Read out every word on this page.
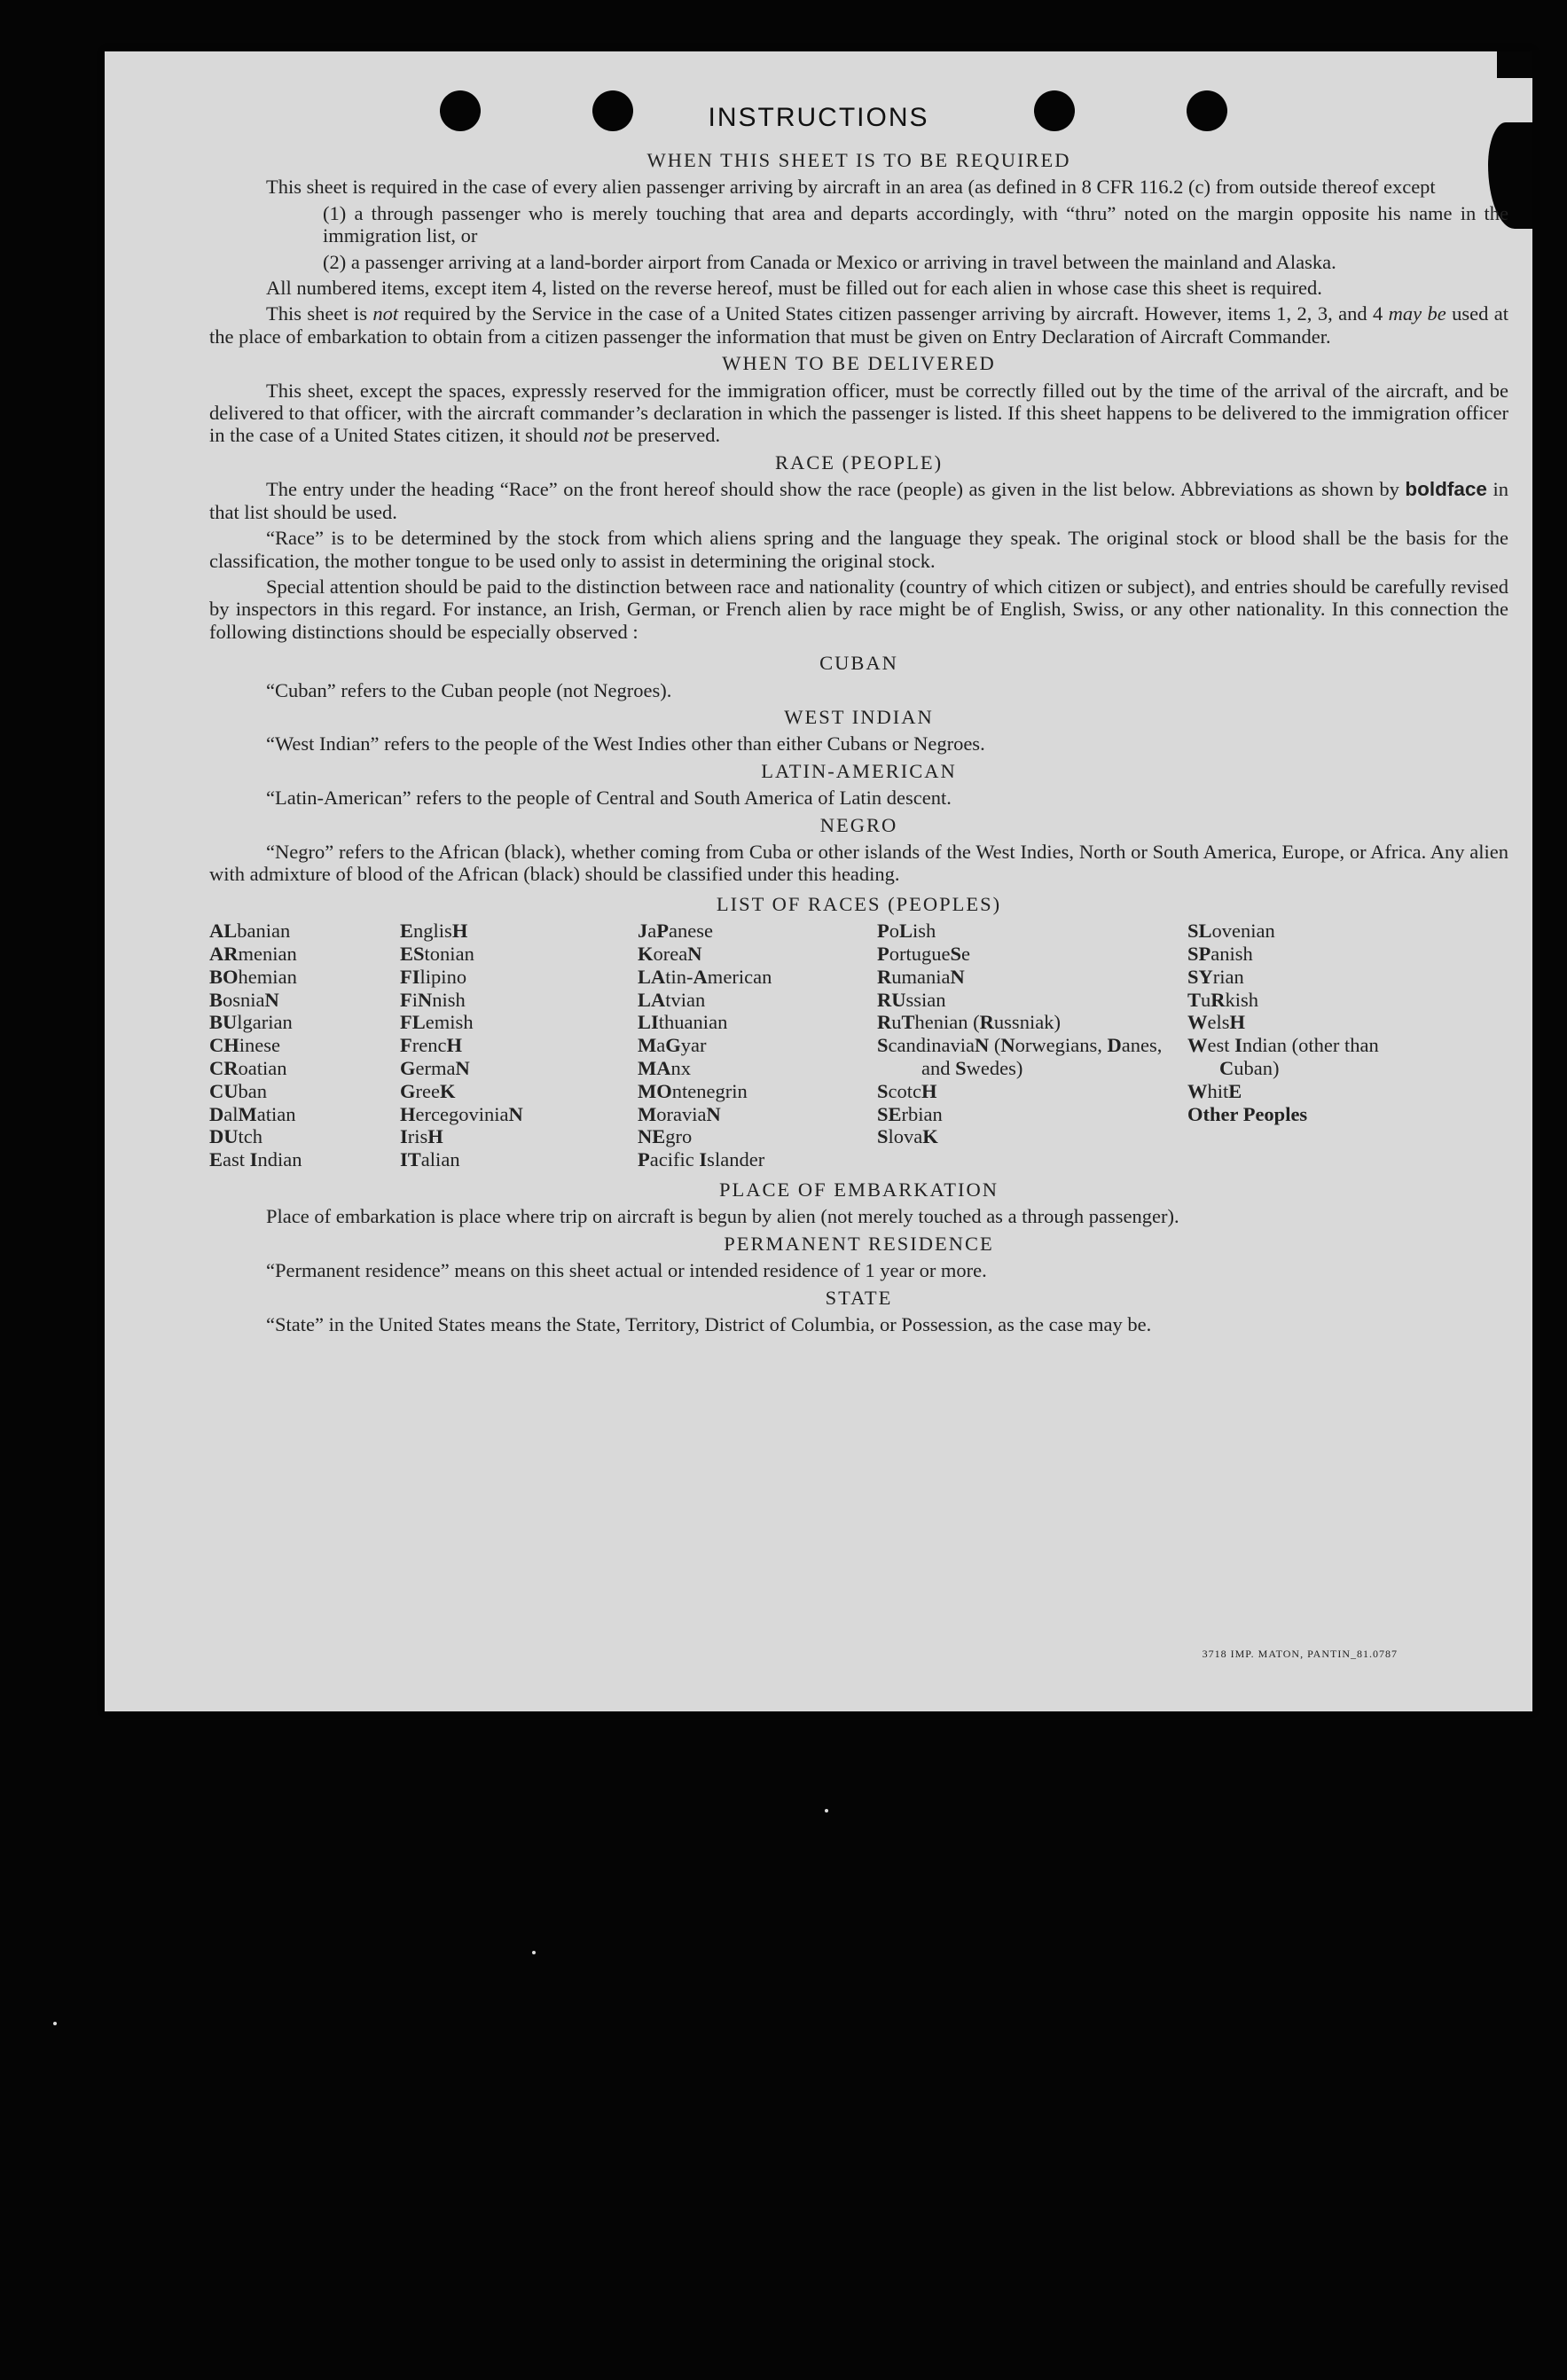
INSTRUCTIONS
WHEN THIS SHEET IS TO BE REQUIRED

This sheet is required in the case of every alien passenger arriving by aircraft in an area (as defined in 8 CFR 116.2 (c) from outside thereof except

(1) a through passenger who is merely touching that area and departs accordingly, with “thru” noted on the margin opposite his name in the immigration list, or

(2) a passenger arriving at a land-border airport from Canada or Mexico or arriving in travel between the mainland and Alaska.

All numbered items, except item 4, listed on the reverse hereof, must be filled out for each alien in whose case this sheet is required.

This sheet is not required by the Service in the case of a United States citizen passenger arriving by aircraft. However, items 1, 2, 3, and 4 may be used at the place of embarkation to obtain from a citizen passenger the information that must be given on Entry Declaration of Aircraft Commander.

WHEN TO BE DELIVERED

This sheet, except the spaces, expressly reserved for the immigration officer, must be correctly filled out by the time of the arrival of the aircraft, and be delivered to that officer, with the aircraft commander’s declaration in which the passenger is listed. If this sheet happens to be delivered to the immigration officer in the case of a United States citizen, it should not be preserved.

RACE (PEOPLE)

The entry under the heading “Race” on the front hereof should show the race (people) as given in the list below. Abbreviations as shown by boldface in that list should be used.

“Race” is to be determined by the stock from which aliens spring and the language they speak. The original stock or blood shall be the basis for the classification, the mother tongue to be used only to assist in determining the original stock.

Special attention should be paid to the distinction between race and nationality (country of which citizen or subject), and entries should be carefully revised by inspectors in this regard. For instance, an Irish, German, or French alien by race might be of English, Swiss, or any other nationality. In this connection the following distinctions should be especially observed :

CUBAN

“Cuban” refers to the Cuban people (not Negroes).

WEST INDIAN

“West Indian” refers to the people of the West Indies other than either Cubans or Negroes.

LATIN-AMERICAN

“Latin-American” refers to the people of Central and South America of Latin descent.

NEGRO

“Negro” refers to the African (black), whether coming from Cuba or other islands of the West Indies, North or South America, Europe, or Africa. Any alien with admixture of blood of the African (black) should be classified under this heading.

LIST OF RACES (PEOPLES)
ALbanian
ARmenian
BOhemian
BosniaN
BUlgarian
CHinese
CRoatian
CUban
DalMatian
DUtch
East Indian
EnglisH
EStonian
FIlipino
FiNnish
FLemish
FrencH
GermaN
GreeK
HercegoviniaN
IrisH
ITalian
JaPanese
KoreaN
LAtin-American
LAtvian
LIthuanian
MaGyar
MAnx
MOntenegrin
MoraviaN
NEgro
Pacific Islander
PoLish
PortugueSe
RumaniaN
RUssian
RuThenian (Russniak)
ScandinaviaN (Norwegians, Danes, and Swedes)
ScotcH
SErbian
SlovaK
SLovenian
SPanish
SYrian
TuRkish
WelsH
West Indian (other than Cuban)
WhitE
Other Peoples
PLACE OF EMBARKATION

Place of embarkation is place where trip on aircraft is begun by alien (not merely touched as a through passenger).

PERMANENT RESIDENCE

“Permanent residence” means on this sheet actual or intended residence of 1 year or more.

STATE

“State” in the United States means the State, Territory, District of Columbia, or Possession, as the case may be.

3718 IMP. MATON, PANTIN_81.0787
